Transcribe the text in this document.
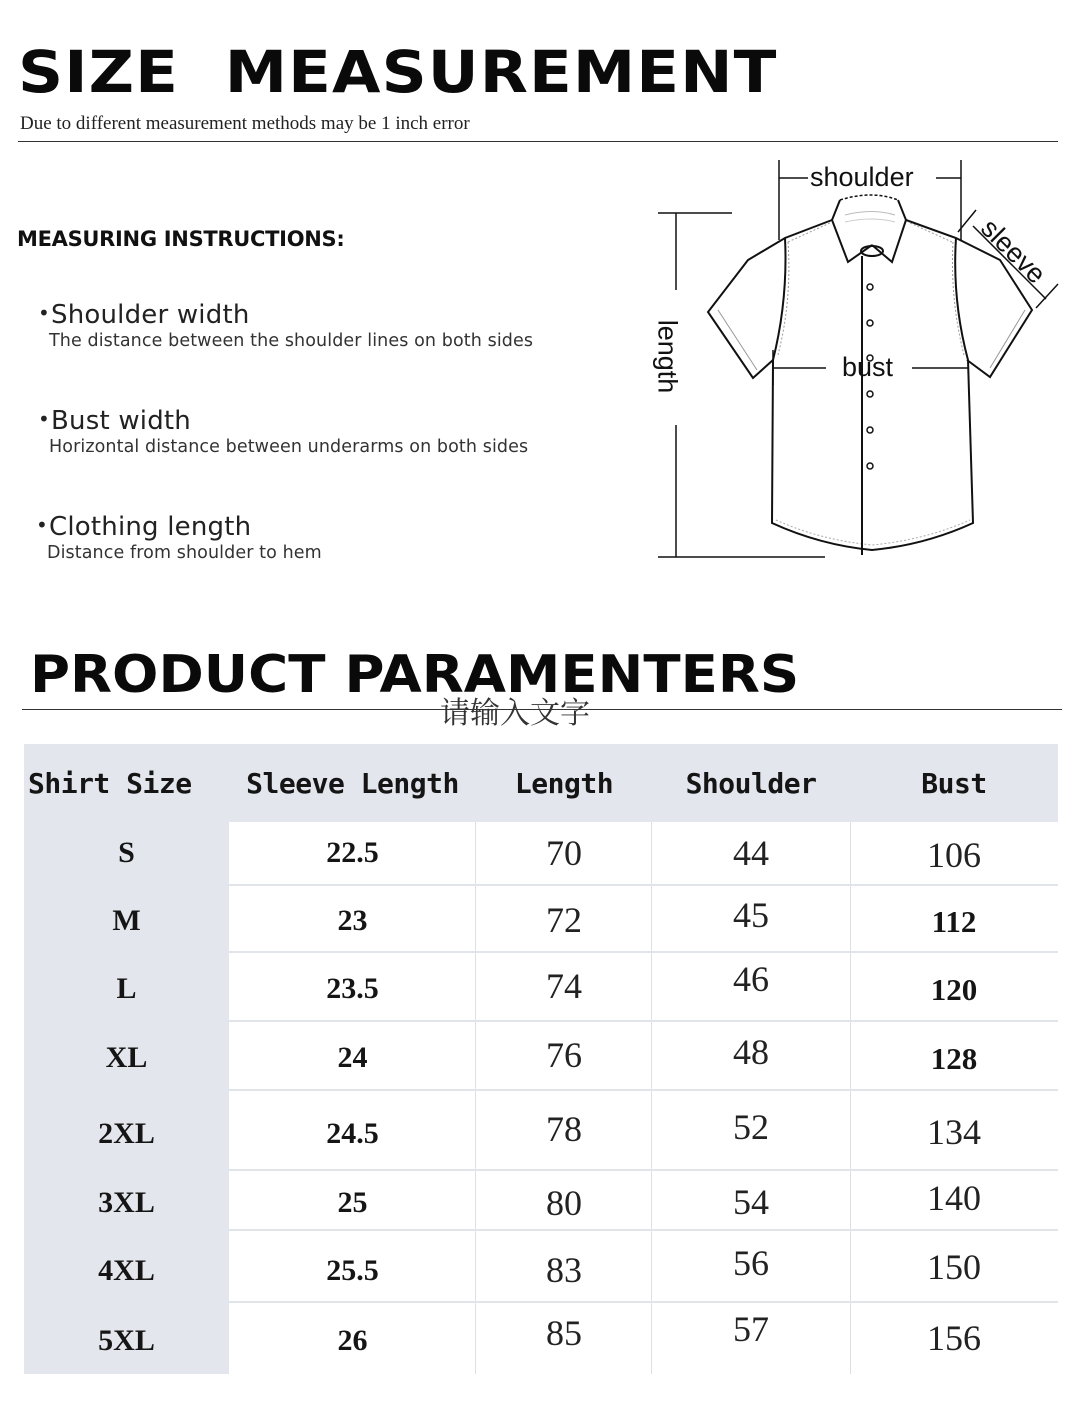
SIZE  MEASUREMENT
Due to different measurement methods may be 1 inch error
MEASURING INSTRUCTIONS:
•Shoulder width
The distance between the shoulder lines on both sides
•Bust width
Horizontal distance between underarms on both sides
•Clothing length
Distance from shoulder to hem
shoulder
bust
length
sleeve
PRODUCT PARAMENTERS
请输入文字
Shirt Size	Sleeve Length	Length	Shoulder	Bust
S	22.5	70	44	106
M	23	72	45	112
L	23.5	74	46	120
XL	24	76	48	128
2XL	24.5	78	52	134
3XL	25	80	54	140
4XL	25.5	83	56	150
5XL	26	85	57	156
